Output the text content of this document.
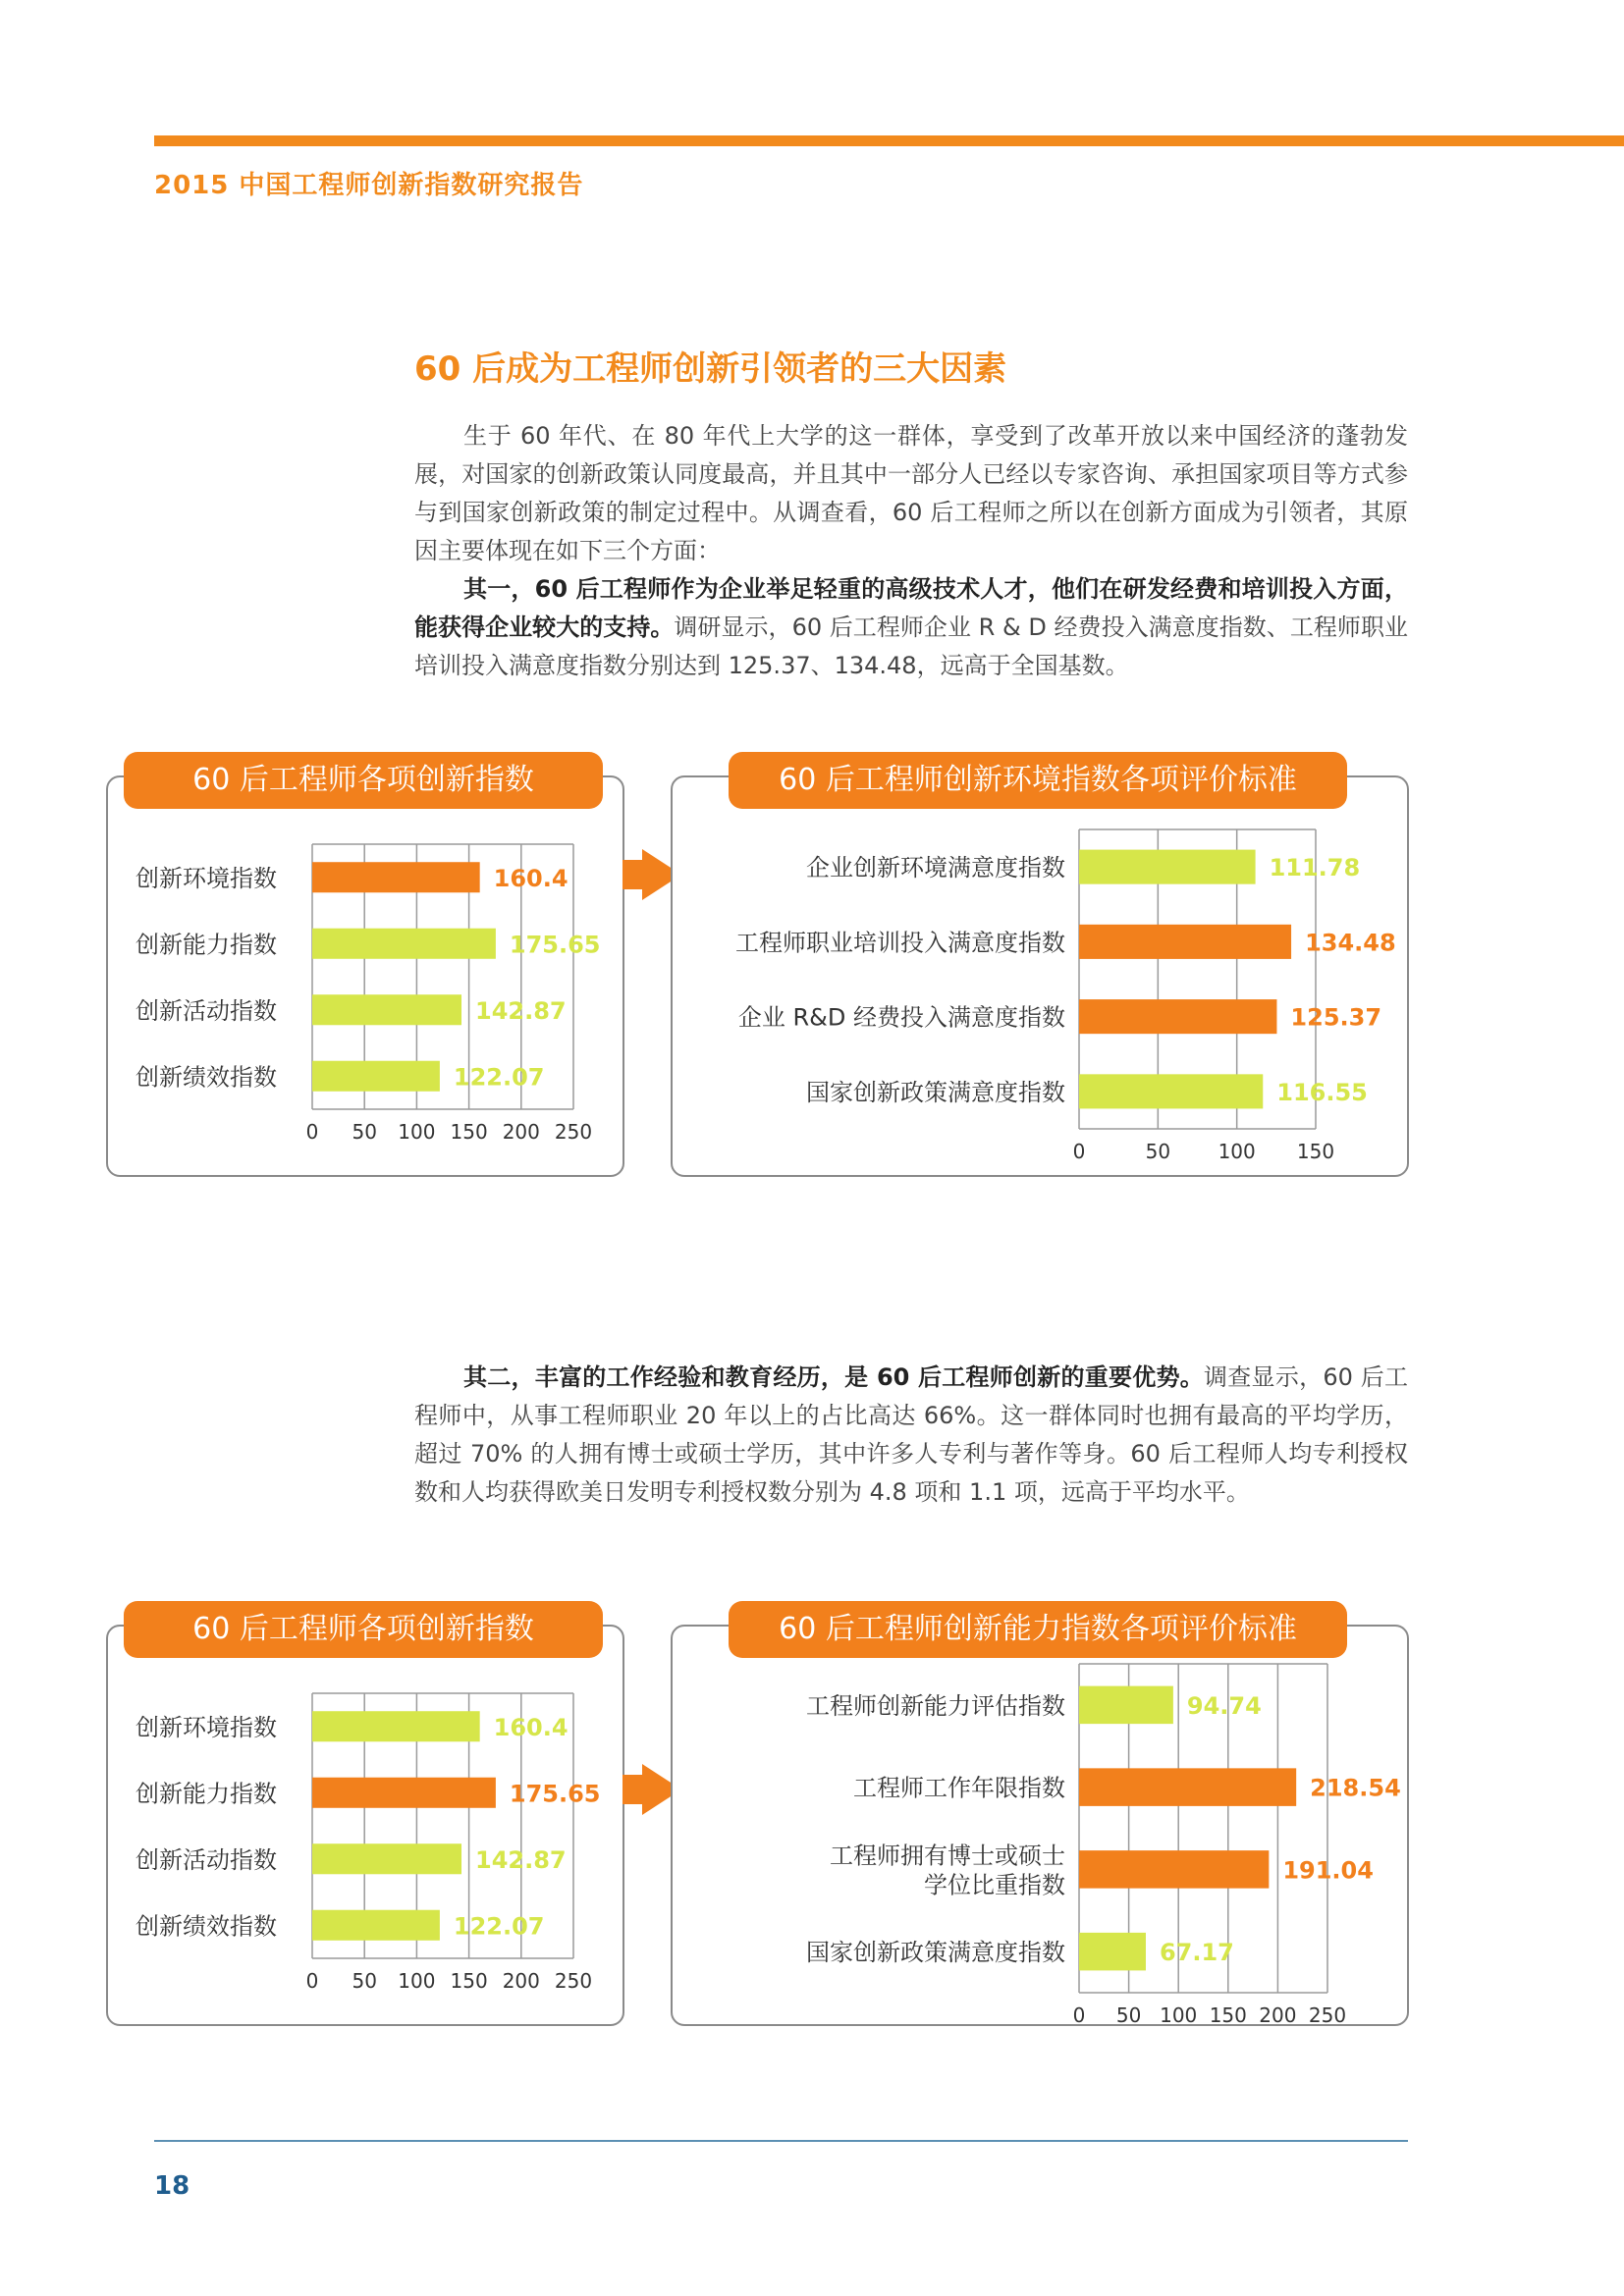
2015 中国工程师创新指数研究报告
60 后成为工程师创新引领者的三大因素

生于 60 年代、在 80 年代上大学的这一群体，享受到了改革开放以来中国经济的蓬勃发展，对国家的创新政策认同度最高，并且其中一部分人已经以专家咨询、承担国家项目等方式参与到国家创新政策的制定过程中。从调查看，60 后工程师之所以在创新方面成为引领者，其原因主要体现在如下三个方面：

其一，60 后工程师作为企业举足轻重的高级技术人才，他们在研发经费和培训投入方面，能获得企业较大的支持。调研显示，60 后工程师企业 R & D 经费投入满意度指数、工程师职业培训投入满意度指数分别达到 125.37、134.48，远高于全国基数。

其二，丰富的工作经验和教育经历，是 60 后工程师创新的重要优势。调查显示，60 后工程师中，从事工程师职业 20 年以上的占比高达 66%。这一群体同时也拥有最高的平均学历，超过 70% 的人拥有博士或硕士学历，其中许多人专利与著作等身。60 后工程师人均专利授权数和人均获得欧美日发明专利授权数分别为 4.8 项和 1.1 项，远高于平均水平。

60 后工程师各项创新指数
0 50 100 150 200 250
160.4
创新环境指数
175.65
创新能力指数
142.87
创新活动指数
122.07
创新绩效指数
60 后工程师创新环境指数各项评价标准
0	50 100 150
111.78
企业创新环境满意度指数
134.48
工程师职业培训投入满意度指数
125.37
企业 R&D 经费投入满意度指数
116.55
国家创新政策满意度指数
60 后工程师各项创新指数
0 50 100 150 200 250
160.4
创新环境指数
175.65
创新能力指数
142.87
创新活动指数
122.07
创新绩效指数
60 后工程师创新能力指数各项评价标准
0 50 100 150 200 250
94.74
工程师创新能力评估指数
218.54
工程师工作年限指数
191.04
工程师拥有博士或硕士
学位比重指数
67.17
国家创新政策满意度指数
18
